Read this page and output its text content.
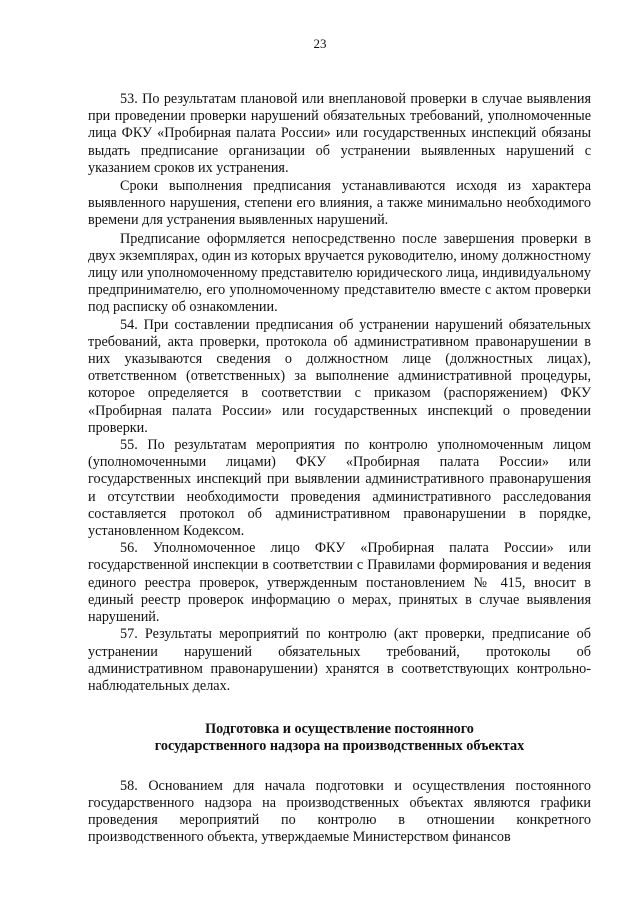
23

53. По результатам плановой или внеплановой проверки в случае выявления при проведении проверки нарушений обязательных требований, уполномоченные лица ФКУ «Пробирная палата России» или государственных инспекций обязаны выдать предписание организации об устранении выявленных нарушений с указанием сроков их устранения.

Сроки выполнения предписания устанавливаются исходя из характера выявленного нарушения, степени его влияния, а также минимально необходимого времени для устранения выявленных нарушений.

Предписание оформляется непосредственно после завершения проверки в двух экземплярах, один из которых вручается руководителю, иному должностному лицу или уполномоченному представителю юридического лица, индивидуальному предпринимателю, его уполномоченному представителю вместе с актом проверки под расписку об ознакомлении.

54. При составлении предписания об устранении нарушений обязательных требований, акта проверки, протокола об административном правонарушении в них указываются сведения о должностном лице (должностных лицах), ответственном (ответственных) за выполнение административной процедуры, которое определяется в соответствии с приказом (распоряжением) ФКУ «Пробирная палата России» или государственных инспекций о проведении проверки.

55. По результатам мероприятия по контролю уполномоченным лицом (уполномоченными лицами) ФКУ «Пробирная палата России» или государственных инспекций при выявлении административного правонарушения и отсутствии необходимости проведения административного расследования составляется протокол об административном правонарушении в порядке, установленном Кодексом.

56. Уполномоченное лицо ФКУ «Пробирная палата России» или государственной инспекции в соответствии с Правилами формирования и ведения единого реестра проверок, утвержденным постановлением № 415, вносит в единый реестр проверок информацию о мерах, принятых в случае выявления нарушений.

57. Результаты мероприятий по контролю (акт проверки, предписание об устранении нарушений обязательных требований, протоколы об административном правонарушении) хранятся в соответствующих контрольно-наблюдательных делах.

Подготовка и осуществление постоянного
государственного надзора на производственных объектах

58. Основанием для начала подготовки и осуществления постоянного государственного надзора на производственных объектах являются графики проведения мероприятий по контролю в отношении конкретного производственного объекта, утверждаемые Министерством финансов
